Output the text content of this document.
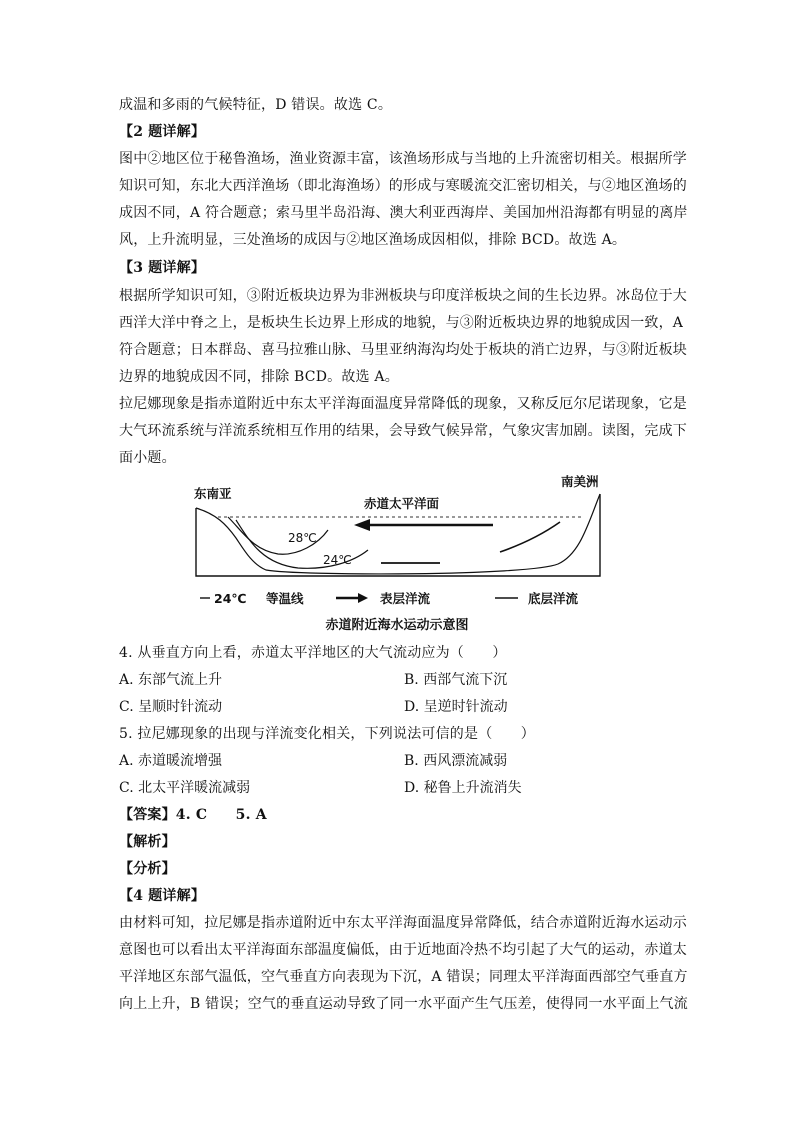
成温和多雨的气候特征，D 错误。故选 C。
【2 题详解】
图中②地区位于秘鲁渔场，渔业资源丰富，该渔场形成与当地的上升流密切相关。根据所学
知识可知，东北大西洋渔场（即北海渔场）的形成与寒暖流交汇密切相关，与②地区渔场的
成因不同，A 符合题意；索马里半岛沿海、澳大利亚西海岸、美国加州沿海都有明显的离岸
风，上升流明显，三处渔场的成因与②地区渔场成因相似，排除 BCD。故选 A。
【3 题详解】
根据所学知识可知，③附近板块边界为非洲板块与印度洋板块之间的生长边界。冰岛位于大
西洋大洋中脊之上，是板块生长边界上形成的地貌，与③附近板块边界的地貌成因一致，A
符合题意；日本群岛、喜马拉雅山脉、马里亚纳海沟均处于板块的消亡边界，与③附近板块
边界的地貌成因不同，排除 BCD。故选 A。
拉尼娜现象是指赤道附近中东太平洋海面温度异常降低的现象，又称反厄尔尼诺现象，它是
大气环流系统与洋流系统相互作用的结果，会导致气候异常，气象灾害加剧。读图，完成下
面小题。
东南亚
南美洲
赤道太平洋面
28℃
24℃
24℃ 等温线	表层洋流	底层洋流
赤道附近海水运动示意图
4. 从垂直方向上看，赤道太平洋地区的大气流动应为（　　）
A. 东部气流上升	B. 西部气流下沉
C. 呈顺时针流动	D. 呈逆时针流动
5. 拉尼娜现象的出现与洋流变化相关，下列说法可信的是（　　）
A. 赤道暖流增强	B. 西风漂流减弱
C. 北太平洋暖流减弱	D. 秘鲁上升流消失
【答案】4. C　　5. A
【解析】
【分析】
【4 题详解】
由材料可知，拉尼娜是指赤道附近中东太平洋海面温度异常降低，结合赤道附近海水运动示
意图也可以看出太平洋海面东部温度偏低，由于近地面冷热不均引起了大气的运动，赤道太
平洋地区东部气温低，空气垂直方向表现为下沉，A 错误；同理太平洋海面西部空气垂直方
向上上升，B 错误；空气的垂直运动导致了同一水平面产生气压差，使得同一水平面上气流
